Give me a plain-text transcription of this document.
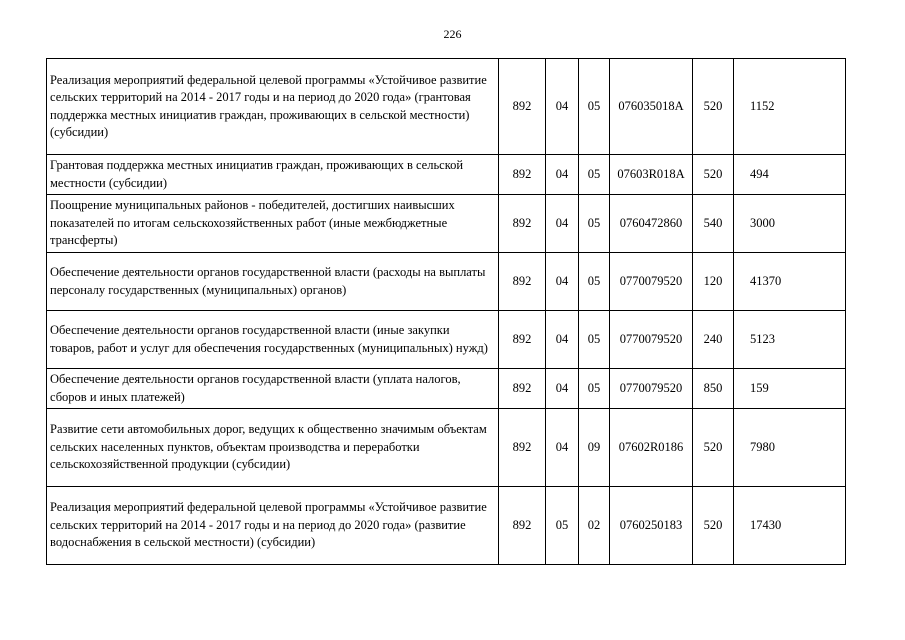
226
Реализация мероприятий федеральной целевой программы «Устойчивое развитие сельских территорий на 2014 - 2017 годы и на период до 2020 года» (грантовая поддержка местных инициатив граждан, проживающих в сельской местности) (субсидии)	892	04	05	076035018А	520	1152
Грантовая поддержка местных инициатив граждан, проживающих в сельской местности (субсидии)	892	04	05	07603R018А	520	494
Поощрение муниципальных районов - победителей, достигших наивысших показателей по итогам сельскохозяйственных работ (иные межбюджетные трансферты)	892	04	05	0760472860	540	3000
Обеспечение деятельности органов государственной власти (расходы на выплаты персоналу государственных (муниципальных) органов)	892	04	05	0770079520	120	41370
Обеспечение деятельности органов государственной власти (иные закупки товаров, работ и услуг для обеспечения государственных (муниципальных) нужд)	892	04	05	0770079520	240	5123
Обеспечение деятельности органов государственной власти (уплата налогов, сборов и иных платежей)	892	04	05	0770079520	850	159
Развитие сети автомобильных дорог, ведущих к общественно значимым объектам сельских населенных пунктов, объектам производства и переработки сельскохозяйственной продукции (субсидии)	892	04	09	07602R0186	520	7980
Реализация мероприятий федеральной целевой программы «Устойчивое развитие сельских территорий на 2014 - 2017 годы и на период до 2020 года» (развитие водоснабжения в сельской местности) (субсидии)	892	05	02	0760250183	520	17430
